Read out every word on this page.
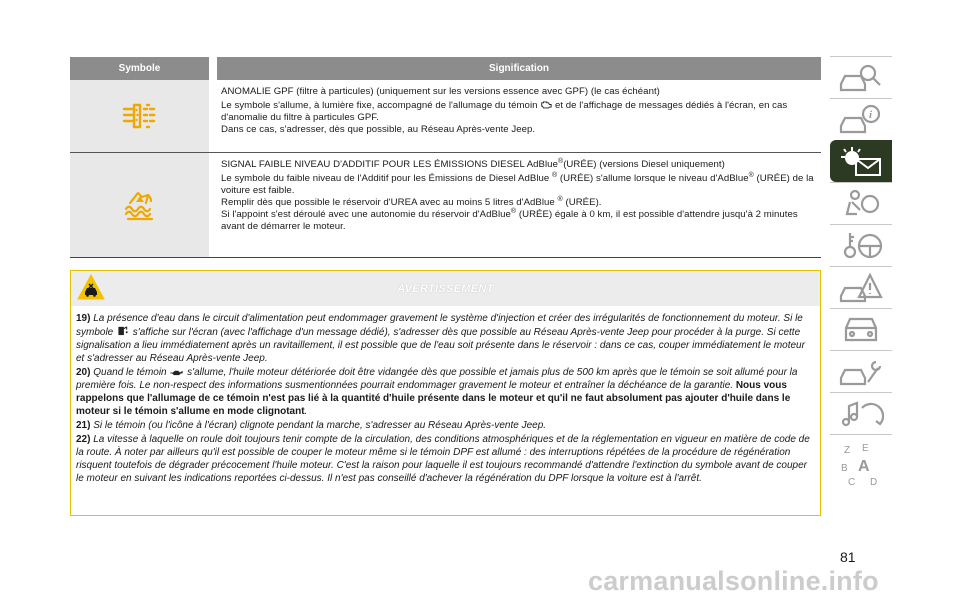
Symbole	Signification
ANOMALIE GPF (filtre à particules) (uniquement sur les versions essence avec GPF) (le cas échéant)

Le symbole s'allume, à lumière fixe, accompagné de l'allumage du témoin  et de l'affichage de messages dédiés à l'écran, en cas d'anomalie du filtre à particules GPF.

Dans ce cas, s'adresser, dès que possible, au Réseau Après-vente Jeep.

SIGNAL FAIBLE NIVEAU D'ADDITIF POUR LES ÉMISSIONS DIESEL AdBlue®(URÉE) (versions Diesel uniquement)

Le symbole du faible niveau de l'Additif pour les Émissions de Diesel AdBlue ® (URÉE) s'allume lorsque le niveau d'AdBlue® (URÉE) de la voiture est faible.

Remplir dès que possible le réservoir d'UREA avec au moins 5 litres d'AdBlue ® (URÉE).

Si l'appoint s'est déroulé avec une autonomie du réservoir d'AdBlue® (URÉE) égale à 0 km, il est possible d'attendre jusqu'à 2 minutes avant de démarrer le moteur.

AVERTISSEMENT

19) La présence d'eau dans le circuit d'alimentation peut endommager gravement le système d'injection et créer des irrégularités de fonctionnement du moteur. Si le symbole  s'affiche sur l'écran (avec l'affichage d'un message dédié), s'adresser dès que possible au Réseau Après-vente Jeep pour procéder à la purge. Si cette signalisation a lieu immédiatement après un ravitaillement, il est possible que de l'eau soit présente dans le réservoir : dans ce cas, couper immédiatement le moteur et s'adresser au Réseau Après-vente Jeep.

20) Quand le témoin  s'allume, l'huile moteur détériorée doit être vidangée dès que possible et jamais plus de 500 km après que le témoin se soit allumé pour la première fois. Le non-respect des informations susmentionnées pourrait endommager gravement le moteur et entraîner la déchéance de la garantie. Nous vous rappelons que l'allumage de ce témoin n'est pas lié à la quantité d'huile présente dans le moteur et qu'il ne faut absolument pas ajouter d'huile dans le moteur si le témoin s'allume en mode clignotant.

21) Si le témoin (ou l'icône à l'écran) clignote pendant la marche, s'adresser au Réseau Après-vente Jeep.

22) La vitesse à laquelle on roule doit toujours tenir compte de la circulation, des conditions atmosphériques et de la réglementation en vigueur en matière de code de la route. À noter par ailleurs qu'il est possible de couper le moteur même si le témoin DPF est allumé : des interruptions répétées de la procédure de régénération risquent toutefois de dégrader précocement l'huile moteur. C'est la raison pour laquelle il est toujours recommandé d'attendre l'extinction du symbole avant de couper le moteur en suivant les indications reportées ci-dessus. Il n'est pas conseillé d'achever la régénération du DPF lorsque la voiture est à l'arrêt.

i
Z E
B A
C D
81
carmanualsonline.info
